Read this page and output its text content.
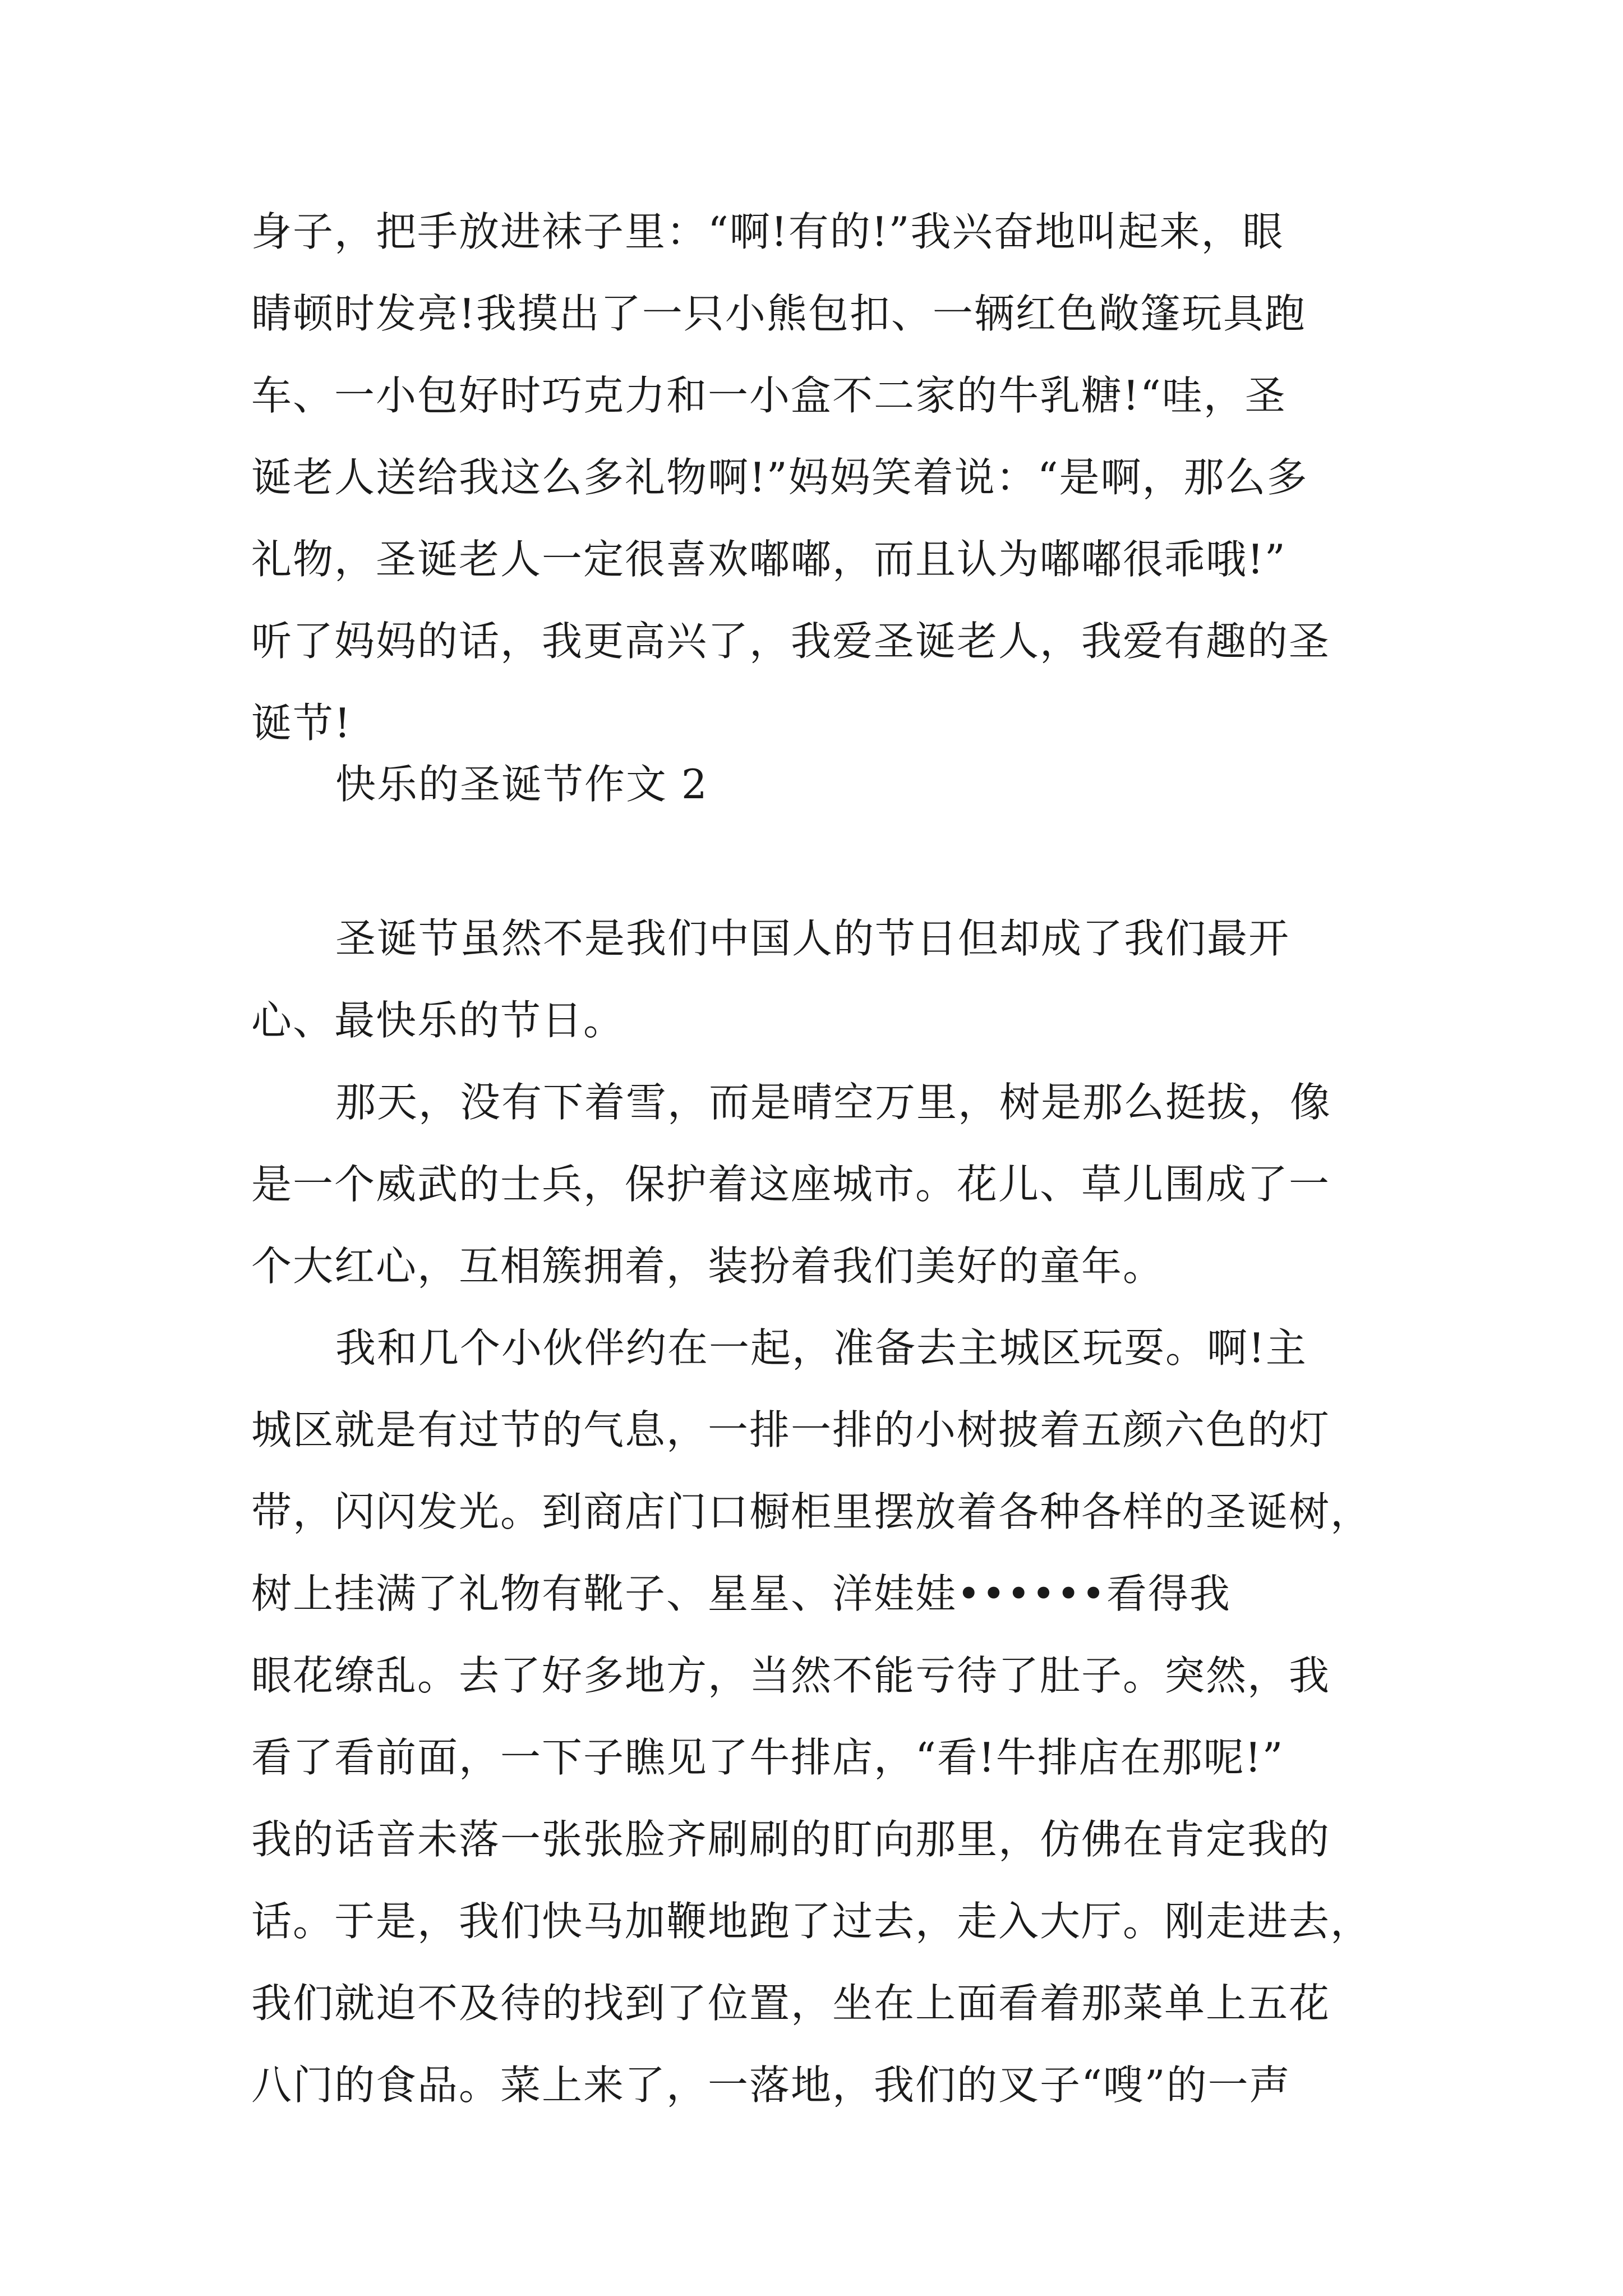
身子，把手放进袜子里：“啊!有的!”我兴奋地叫起来，眼
睛顿时发亮!我摸出了一只小熊包扣、一辆红色敞篷玩具跑
车、一小包好时巧克力和一小盒不二家的牛乳糖!“哇，圣
诞老人送给我这么多礼物啊!”妈妈笑着说：“是啊，那么多
礼物，圣诞老人一定很喜欢嘟嘟，而且认为嘟嘟很乖哦!”
听了妈妈的话，我更高兴了，我爱圣诞老人，我爱有趣的圣
诞节!
快乐的圣诞节作文 2
圣诞节虽然不是我们中国人的节日但却成了我们最开
心、最快乐的节日。
那天，没有下着雪，而是晴空万里，树是那么挺拔，像
是一个威武的士兵，保护着这座城市。花儿、草儿围成了一
个大红心，互相簇拥着，装扮着我们美好的童年。
我和几个小伙伴约在一起，准备去主城区玩耍。啊!主
城区就是有过节的气息，一排一排的小树披着五颜六色的灯
带，闪闪发光。到商店门口橱柜里摆放着各种各样的圣诞树，
树上挂满了礼物有靴子、星星、洋娃娃••••••看得我
眼花缭乱。去了好多地方，当然不能亏待了肚子。突然，我
看了看前面，一下子瞧见了牛排店，“看!牛排店在那呢!”
我的话音未落一张张脸齐刷刷的盯向那里，仿佛在肯定我的
话。于是，我们快马加鞭地跑了过去，走入大厅。刚走进去，
我们就迫不及待的找到了位置，坐在上面看着那菜单上五花
八门的食品。菜上来了，一落地，我们的叉子“嗖”的一声
